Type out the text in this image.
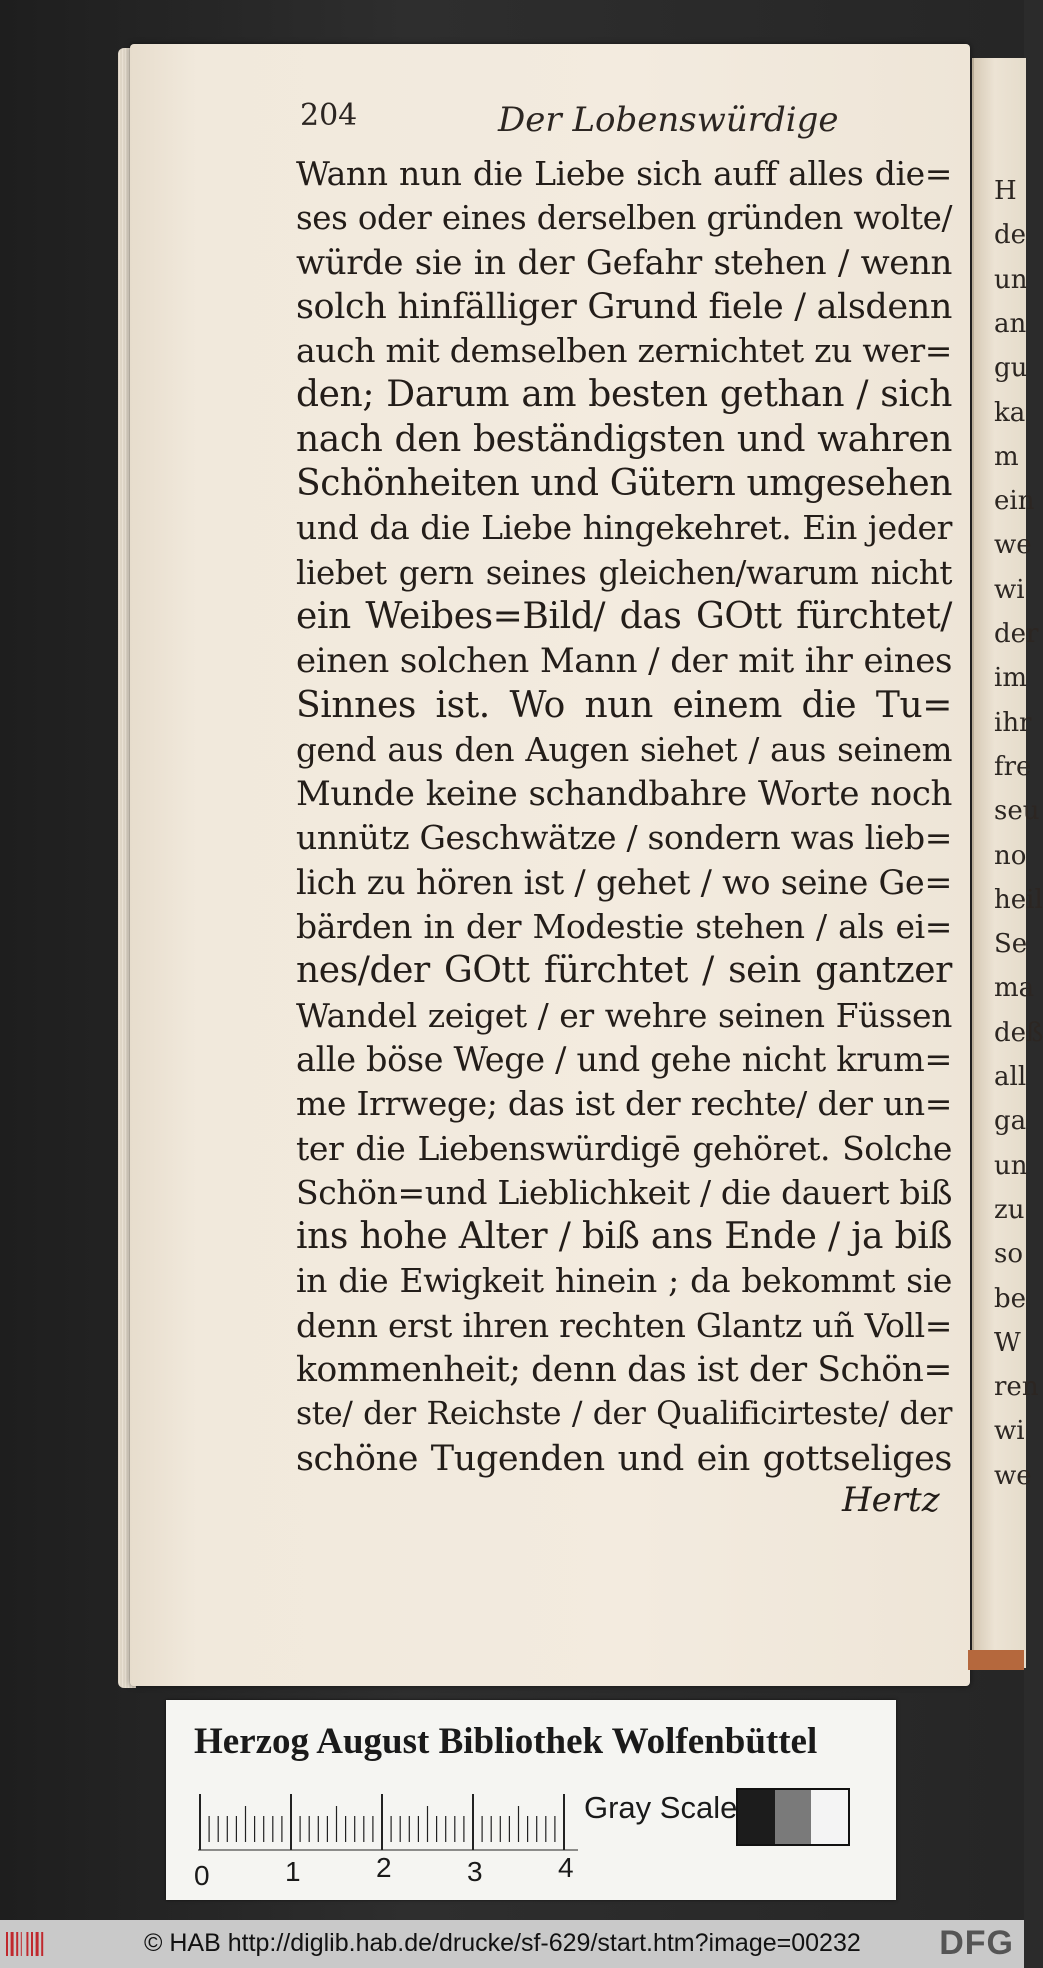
H
de
un
an
gu
ka
m
ein
we
wi
der
im
ihr
fre
seu
no
heil
Se
ma
deß
all
ga
un
zu
so
be
W
ren
wi
we
204	Der Lobenswürdige
Wann nun die Liebe sich auff alles die=
ses oder eines derselben gründen wolte/
würde sie in der Gefahr stehen / wenn
solch hinfälliger Grund fiele / alsdenn
auch mit demselben zernichtet zu wer=
den; Darum am besten gethan / sich
nach den beständigsten und wahren
Schönheiten und Gütern umgesehen
und da die Liebe hingekehret. Ein jeder
liebet gern seines gleichen/warum nicht
ein Weibes=Bild/ das GOtt fürchtet/
einen solchen Mann / der mit ihr eines
Sinnes ist. Wo nun einem die Tu=
gend aus den Augen siehet / aus seinem
Munde keine schandbahre Worte noch
unnütz Geschwätze / sondern was lieb=
lich zu hören ist / gehet / wo seine Ge=
bärden in der Modestie stehen / als ei=
nes/der GOtt fürchtet / sein gantzer
Wandel zeiget / er wehre seinen Füssen
alle böse Wege / und gehe nicht krum=
me Irrwege; das ist der rechte/ der un=
ter die Liebenswürdigē gehöret. Solche
Schön=und Lieblichkeit / die dauert biß
ins hohe Alter / biß ans Ende / ja biß
in die Ewigkeit hinein ; da bekommt sie
denn erst ihren rechten Glantz uñ Voll=
kommenheit; denn das ist der Schön=
ste/ der Reichste / der Qualificirteste/ der
schöne Tugenden und ein gottseliges
Hertz
Herzog August Bibliothek Wolfenbüttel
0	1	2	3	4
Gray Scale
© HAB http://diglib.hab.de/drucke/sf-629/start.htm?image=00232 DFG
